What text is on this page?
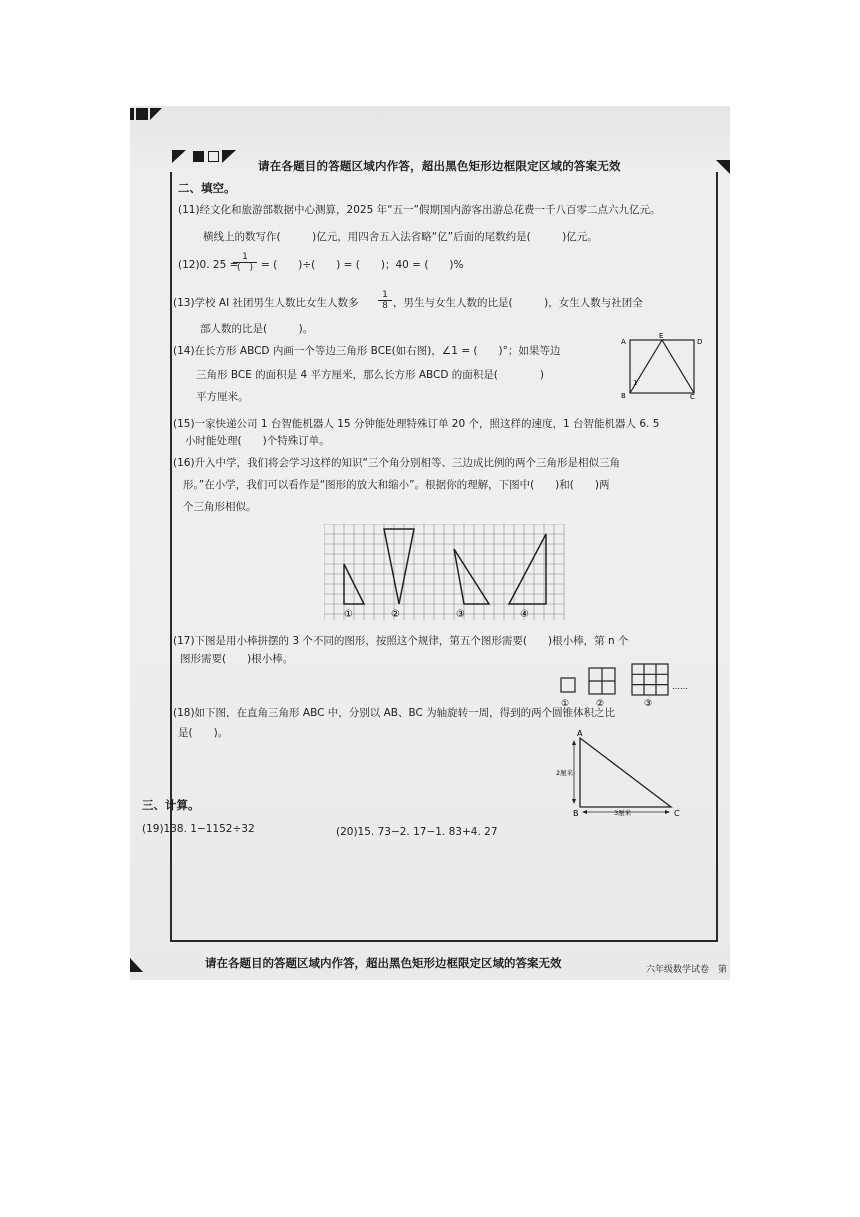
请在各题目的答题区域内作答，超出黑色矩形边框限定区域的答案无效
二、填空。
(11)经文化和旅游部数据中心测算，2025 年“五一”假期国内游客出游总花费一千八百零二点六九亿元。
横线上的数写作(　　　)亿元，用四舍五入法省略“亿”后面的尾数约是(　　　)亿元。
(12)0. 25 =
1
(　) = (　　)÷(　　) = (　　)；40 = (　　)%
(13)学校 AI 社团男生人数比女生人数多 $\frac{1}{8}$ ，男生与女生人数的比是(　　　)，女生人数与社团全
部人数的比是(　　　)。
(14)在长方形 ABCD 内画一个等边三角形 BCE(如右图)，∠1 = (　　)°；如果等边
三角形 BCE 的面积是 4 平方厘米，那么长方形 ABCD 的面积是(　　　　)
平方厘米。
A	D
E
B	C
1
(15)一家快递公司 1 台智能机器人 15 分钟能处理特殊订单 20 个，照这样的速度，1 台智能机器人 6. 5
小时能处理(　　)个特殊订单。
(16)升入中学，我们将会学习这样的知识“三个角分别相等、三边成比例的两个三角形是相似三角
形。”在小学，我们可以看作是“图形的放大和缩小”。根据你的理解，下图中(　　)和(　　)两
个三角形相似。
①	②	③	④
(17)下图是用小棒拼摆的 3 个不同的图形，按照这个规律，第五个图形需要(　　)根小棒，第 n 个
图形需要(　　)根小棒。
……
①	②	③
(18)如下图，在直角三角形 ABC 中，分别以 AB、BC 为轴旋转一周，得到的两个圆锥体积之比
是(　　)。	A
B	C
2厘米
3厘米
三、计算。
(19)138. 1−1152÷32	(20)15. 73−2. 17−1. 83+4. 27
请在各题目的答题区域内作答，超出黑色矩形边框限定区域的答案无效	六年级数学试卷　第
